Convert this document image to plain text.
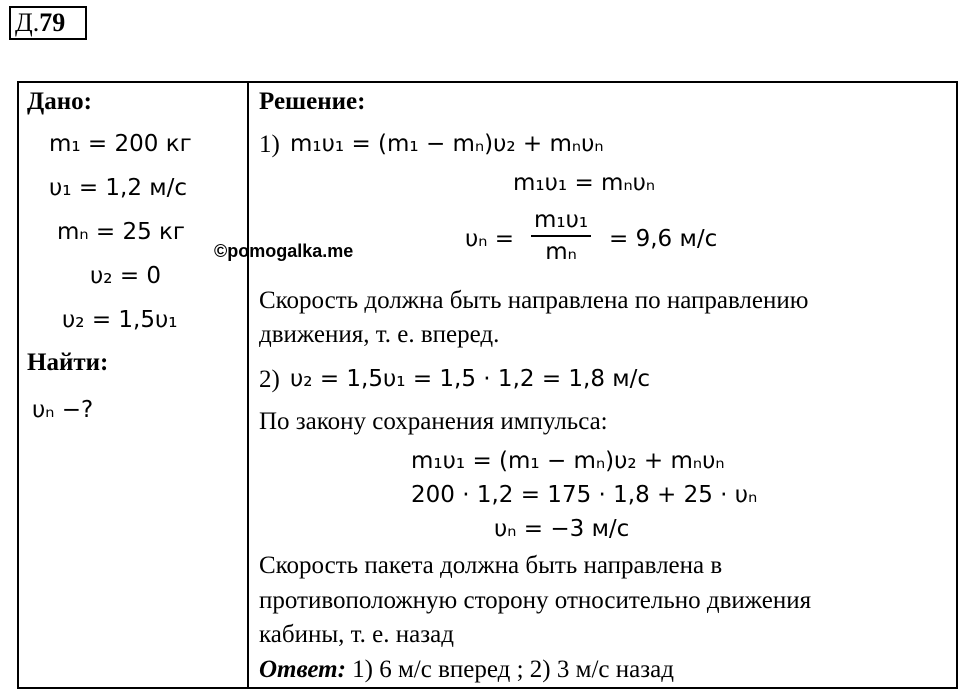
Д.79
Дано:
m₁ = 200 кг
υ₁ = 1,2 м/с
mₙ = 25 кг
υ₂ = 0
υ₂ = 1,5υ₁
Найти:
υₙ −?
©pomogalka.me
Решение:
1) m₁υ₁ = (m₁ − mₙ)υ₂ + mₙυₙ
m₁υ₁ = mₙυₙ
$\upsilon_n = \frac{\text{m₁υ₁}}{\text{mₙ}} = 9,6$ м/с
Скорость должна быть направлена по направлению
движения, т. е. вперед.
2) υ₂ = 1,5υ₁ = 1,5 · 1,2 = 1,8 м/с
По закону сохранения импульса:
m₁υ₁ = (m₁ − mₙ)υ₂ + mₙυₙ
200 · 1,2 = 175 · 1,8 + 25 · υₙ
υₙ = −3 м/с
Скорость пакета должна быть направлена в
противоположную сторону относительно движения
кабины, т. е. назад
Ответ: 1) 6 м/с вперед ; 2) 3 м/с назад
